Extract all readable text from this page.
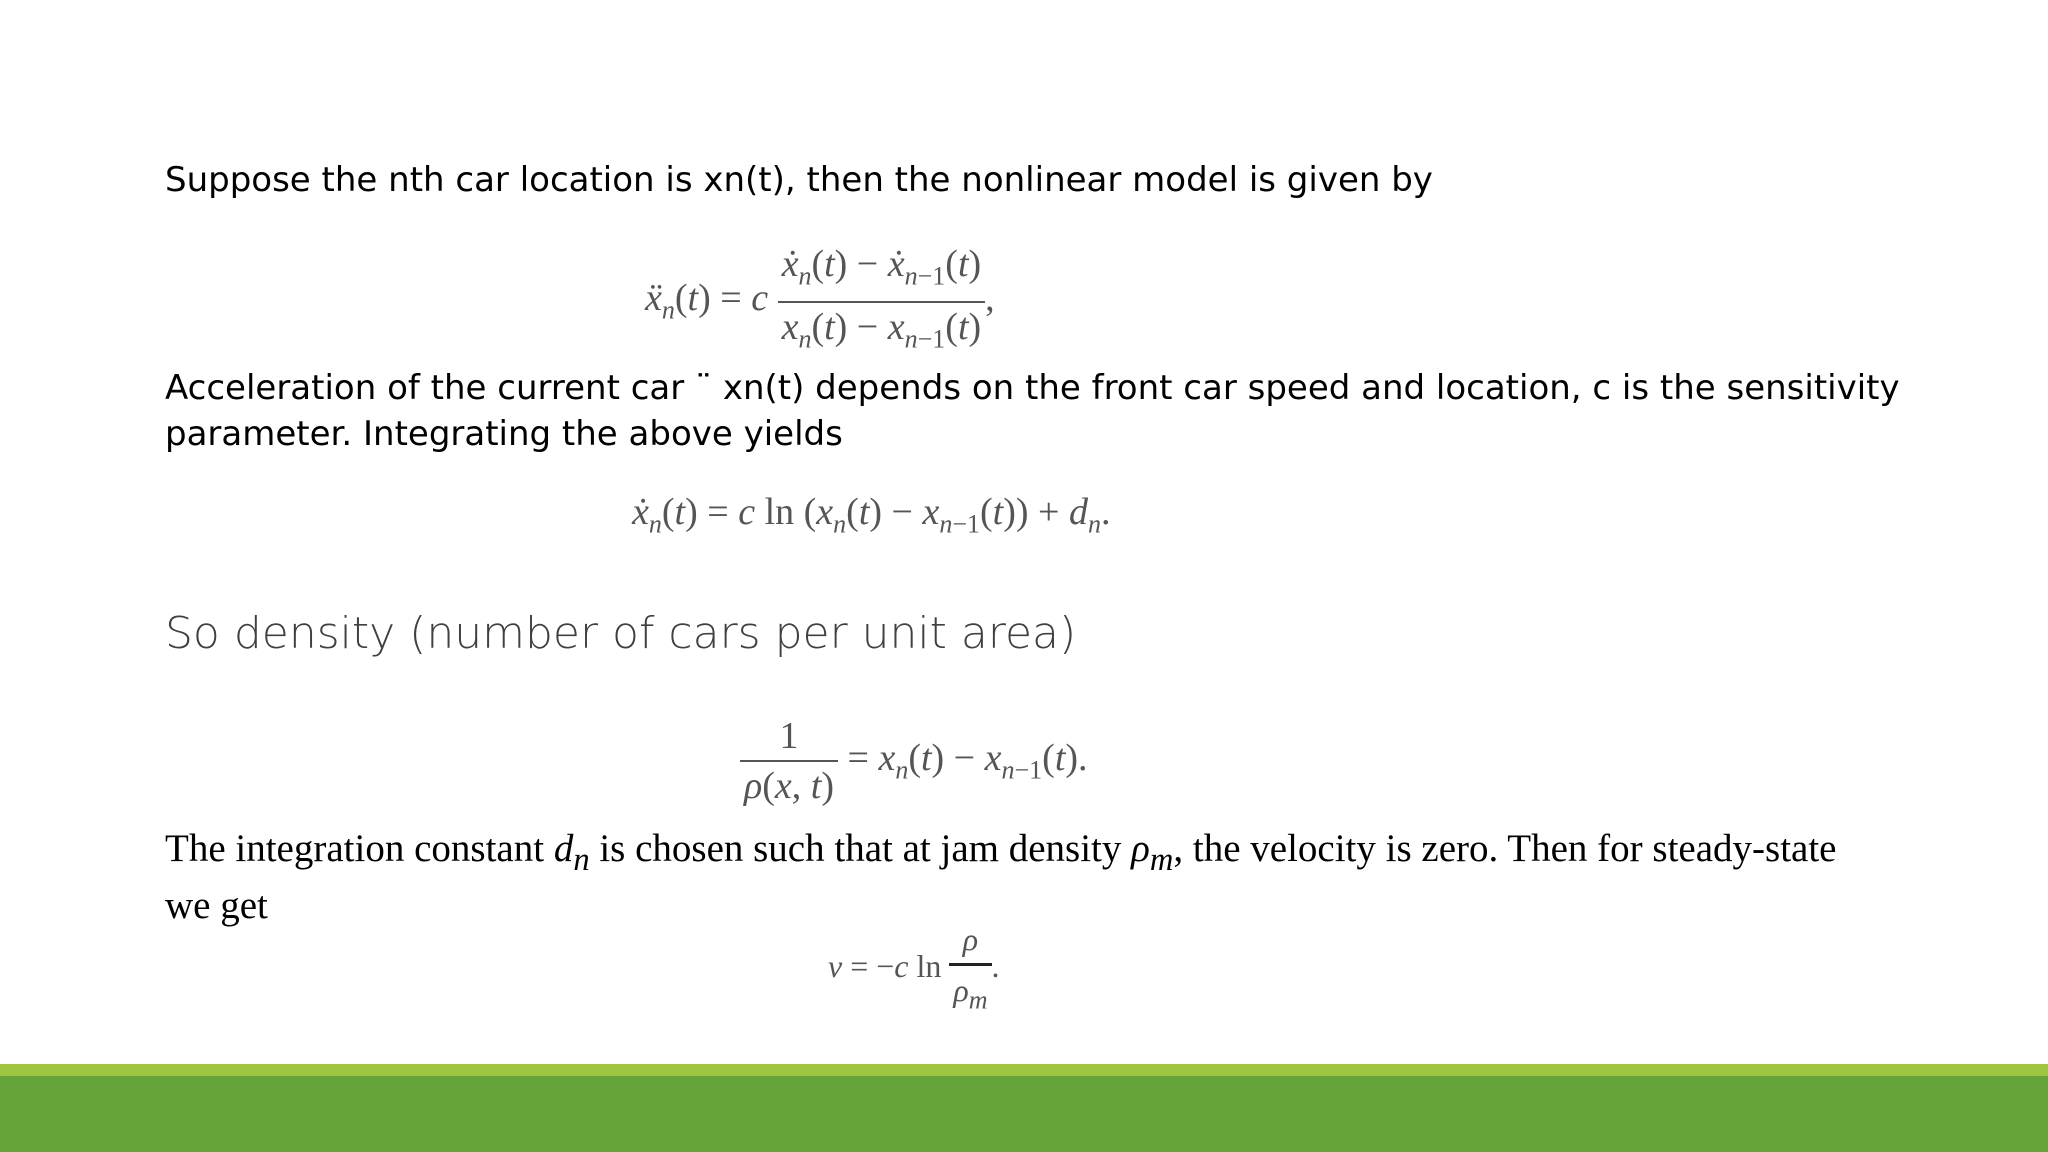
Suppose the nth car location is xn(t), then the nonlinear model is given by

ẍ$_n$(t) = c $\frac{ẋ_n(t) - ẋ_{n-1}(t)}{x_n(t) - x_{n-1}(t)}$ ,

Acceleration of the current car ¨ xn(t) depends on the front car speed and location, c is the sensitivity

parameter. Integrating the above yields

ẋ$_n$(t) = c $\ln (x_n(t) - x_{n-1}(t)) + d_n$.

So density (number of cars per unit area)

$\frac{1}{\rho(x, t)} = x_n(t) - x_{n-1}(t)$.

The integration constant $d_n$ is chosen such that at jam density $\rho_m$, the velocity is zero. Then for steady-state
we get

v = −c $\ln \frac{\rho}{\rho_m}$ .
